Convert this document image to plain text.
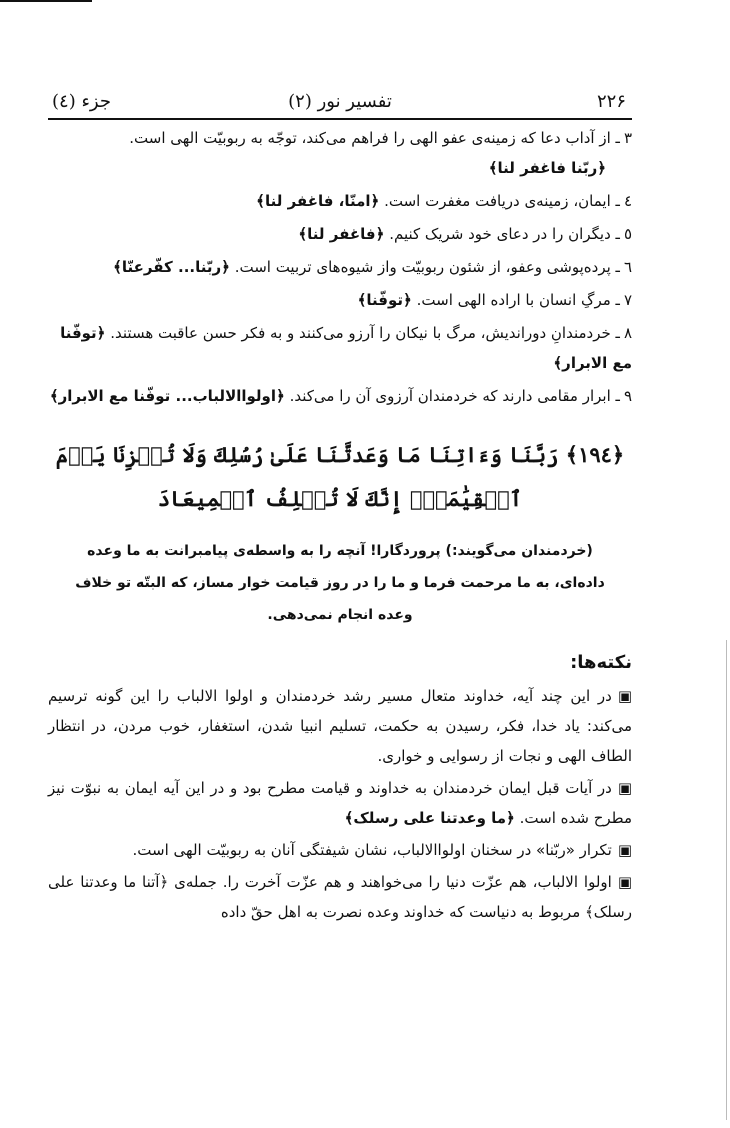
۲۲۶
تفسیر نور (۲)
جزء (٤)
۳ـ از آداب دعا که زمینه‌ی عفو الهی را فراهم می‌کند، توجّه به ربوبیّت الهی است.
﴿ربّنا فاغفر لنا﴾
٤ـ ایمان، زمینه‌ی دریافت مغفرت است. ﴿امنّا، فاغفر لنا﴾
٥ـ دیگران را در دعای خود شریک کنیم. ﴿فاغفر لنا﴾
٦ـ پرده‌پوشی وعفو، از شئون ربوبیّت واز شیوه‌های تربیت است. ﴿ربّنا... کفّرعنّا﴾
۷ـ مرگِ انسان با اراده الهی است. ﴿توفّنا﴾
۸ـ خردمندانِ دوراندیش، مرگ با نیکان را آرزو می‌کنند و به فکر حسن عاقبت هستند. ﴿توفّنا مع الابرار﴾
۹ـ ابرار مقامی دارند که خردمندان آرزوی آن را می‌کند. ﴿اولواالالباب... توفّنا مع الابرار﴾
﴿١٩٤﴾ رَبَّنَا وَءَاتِنَا مَا وَعَدتَّنَا عَلَىٰ رُسُلِكَ وَلَا تُخۡزِنَا يَوۡمَ ٱلۡقِيَٰمَةِۗ إِنَّكَ لَا تُخۡلِفُ ٱلۡمِيعَادَ
(خردمندان می‌گویند:) پروردگارا! آنچه را به واسطه‌ی پیامبرانت به ما وعده داده‌ای، به ما مرحمت فرما و ما را در روز قیامت خوار مساز، که البتّه تو خلاف وعده انجام نمی‌دهی.
نکته‌ها:
▣در این چند آیه، خداوند متعال مسیر رشد خردمندان و اولوا الالباب را این گونه ترسیم می‌کند: یاد خدا، فکر، رسیدن به حکمت، تسلیم انبیا شدن، استغفار، خوب مردن، در انتظار الطاف الهی و نجات از رسوایی و خواری.
▣در آیات قبل ایمان خردمندان به خداوند و قیامت مطرح بود و در این آیه ایمان به نبوّت نیز مطرح شده است. ﴿ما وعدتنا علی رسلک﴾
▣تکرار «ربّنا» در سخنان اولواالالباب، نشان شیفتگی آنان به ربوبیّت الهی است.
▣اولوا الالباب، هم عزّت دنیا را می‌خواهند و هم عزّت آخرت را. جمله‌ی ﴿آتنا ما وعدتنا علی رسلک﴾ مربوط به دنیاست که خداوند وعده نصرت به اهل حقّ داده
